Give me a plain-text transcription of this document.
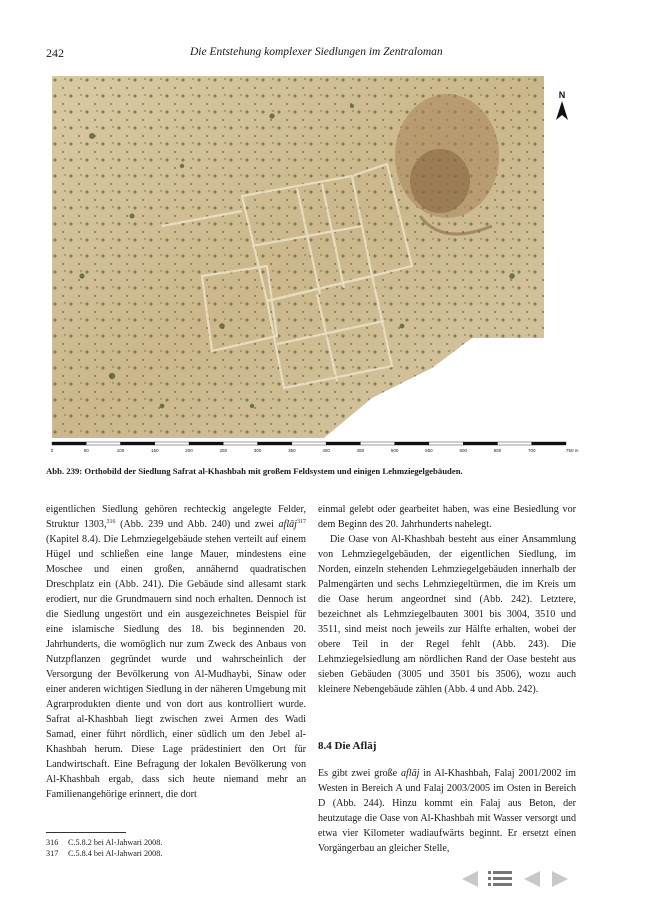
242	Die Entstehung komplexer Siedlungen im Zentraloman
N
0	50	100	150	200	250	300	350	400	450	500	550	600	650	700	750 m
Abb. 239: Orthobild der Siedlung Safrat al-Khashbah mit großem Feldsystem und einigen Lehmziegelgebäuden.

eigentlichen Siedlung gehören rechteckig angelegte Felder, Struktur 1303,$^{316}$ (Abb. 239 und Abb. 240) und zwei aflāj$^{317}$ (Kapitel 8.4). Die Lehmziegelgebäude stehen verteilt auf einem Hügel und schließen eine lange Mauer, mindestens eine Moschee und einen großen, annähernd quadratischen Dreschplatz ein (Abb. 241). Die Gebäude sind allesamt stark erodiert, nur die Grundmauern sind noch erhalten. Dennoch ist die Siedlung ungestört und ein ausgezeichnetes Beispiel für eine islamische Siedlung des 18. bis beginnenden 20. Jahrhunderts, die womöglich nur zum Zweck des Anbaus von Nutzpflanzen gegründet wurde und wahrscheinlich der Versorgung der Bevölkerung von Al-Mudhaybi, Sinaw oder einer anderen wichtigen Siedlung in der näheren Umgebung mit Agrarprodukten diente und von dort aus kontrolliert wurde. Safrat al-Khashbah liegt zwischen zwei Armen des Wadi Samad, einer führt nördlich, einer südlich um den Jebel al-Khashbah herum. Diese Lage prädestiniert den Ort für Landwirtschaft. Eine Befragung der lokalen Bevölkerung von Al-Khashbah ergab, dass sich heute niemand mehr an Familienangehörige erinnert, die dort

einmal gelebt oder gearbeitet haben, was eine Besiedlung vor dem Beginn des 20. Jahrhunderts nahelegt.

Die Oase von Al-Khashbah besteht aus einer Ansammlung von Lehmziegelgebäuden, der eigentlichen Siedlung, im Norden, einzeln stehenden Lehmziegelgebäuden innerhalb der Palmengärten und sechs Lehmziegeltürmen, die im Kreis um die Oase herum angeordnet sind (Abb. 242). Letztere, bezeichnet als Lehmziegelbauten 3001 bis 3004, 3510 und 3511, sind meist noch jeweils zur Hälfte erhalten, wobei der obere Teil in der Regel fehlt (Abb. 243). Die Lehmziegelsiedlung am nördlichen Rand der Oase besteht aus sieben Gebäuden (3005 und 3501 bis 3506), wozu auch kleinere Nebengebäude zählen (Abb. 4 und Abb. 242).

8.4 Die Aflāj

Es gibt zwei große aflāj in Al-Khashbah, Falaj 2001/2002 im Westen in Bereich A und Falaj 2003/2005 im Osten in Bereich D (Abb. 244). Hinzu kommt ein Falaj aus Beton, der heutzutage die Oase von Al-Khashbah mit Wasser versorgt und etwa vier Kilometer wadiaufwärts beginnt. Er ersetzt einen Vorgängerbau an gleicher Stelle,

316 C.5.8.2 bei Al-Jahwari 2008.
317 C.5.8.4 bei Al-Jahwari 2008.
